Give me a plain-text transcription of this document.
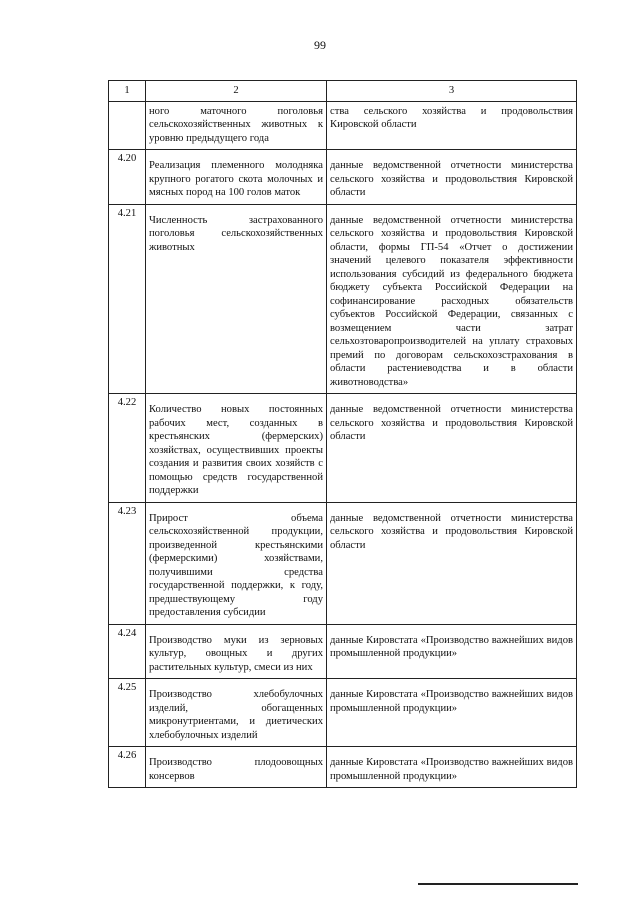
99
1	2	3
	ного маточного поголовья сельскохозяйственных животных к уровню предыдущего года	ства сельского хозяйства и продовольствия Кировской области
4.20	Реализация племенного молодняка крупного рогатого скота молочных и мясных пород на 100 голов маток	данные ведомственной отчетности министерства сельского хозяйства и продовольствия Кировской области
4.21	Численность застрахованного поголовья сельскохозяйственных животных	данные ведомственной отчетности министерства сельского хозяйства и продовольствия Кировской области, формы ГП-54 «Отчет о достижении значений целевого показателя эффективности использования субсидий из федерального бюджета бюджету субъекта Российской Федерации на софинансирование расходных обязательств субъектов Российской Федерации, связанных с возмещением части затрат сельхозтоваропроизводителей на уплату страховых премий по договорам сельскохозстрахования в области растениеводства и в области животноводства»
4.22	Количество новых постоянных рабочих мест, созданных в крестьянских (фермерских) хозяйствах, осуществивших проекты создания и развития своих хозяйств с помощью средств государственной поддержки	данные ведомственной отчетности министерства сельского хозяйства и продовольствия Кировской области
4.23	Прирост объема сельскохозяйственной продукции, произведенной крестьянскими (фермерскими) хозяйствами, получившими средства государственной поддержки, к году, предшествующему году предоставления субсидии	данные ведомственной отчетности министерства сельского хозяйства и продовольствия Кировской области
4.24	Производство муки из зерновых культур, овощных и других растительных культур, смеси из них	данные Кировстата «Производство важнейших видов промышленной продукции»
4.25	Производство хлебобулочных изделий, обогащенных микронутриентами, и диетических хлебобулочных изделий	данные Кировстата «Производство важнейших видов промышленной продукции»
4.26	Производство плодоовощных консервов	данные Кировстата «Производство важнейших видов промышленной продукции»
